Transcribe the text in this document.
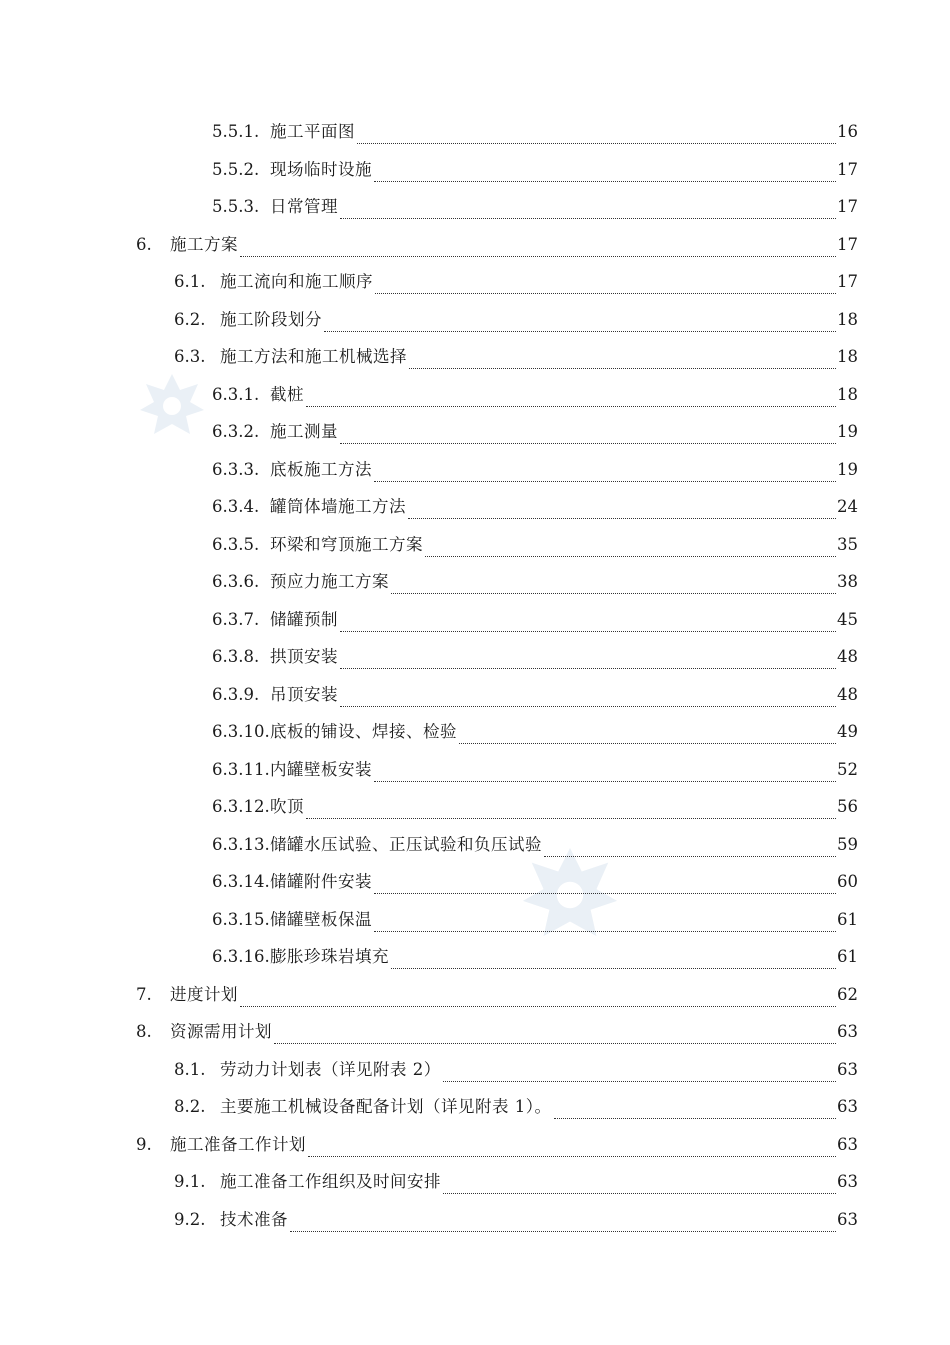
5.5.1. 施工平面图	16
5.5.2. 现场临时设施	17
5.5.3. 日常管理	17
6.	施工方案	17
6.1. 施工流向和施工顺序	17
6.2. 施工阶段划分	18
6.3. 施工方法和施工机械选择	18
6.3.1. 截桩	18
6.3.2. 施工测量	19
6.3.3. 底板施工方法	19
6.3.4. 罐筒体墙施工方法	24
6.3.5. 环梁和穹顶施工方案	35
6.3.6. 预应力施工方案	38
6.3.7. 储罐预制	45
6.3.8. 拱顶安装	48
6.3.9. 吊顶安装	48
6.3.10. 底板的铺设、焊接、检验	49
6.3.11. 内罐壁板安装	52
6.3.12. 吹顶	56
6.3.13. 储罐水压试验、正压试验和负压试验	59
6.3.14. 储罐附件安装	60
6.3.15. 储罐壁板保温	61
6.3.16. 膨胀珍珠岩填充	61
7.	进度计划	62
8.	资源需用计划	63
8.1. 劳动力计划表（详见附表 2）	63
8.2. 主要施工机械设备配备计划（详见附表 1）。	63
9.	施工准备工作计划	63
9.1. 施工准备工作组织及时间安排	63
9.2. 技术准备	63
